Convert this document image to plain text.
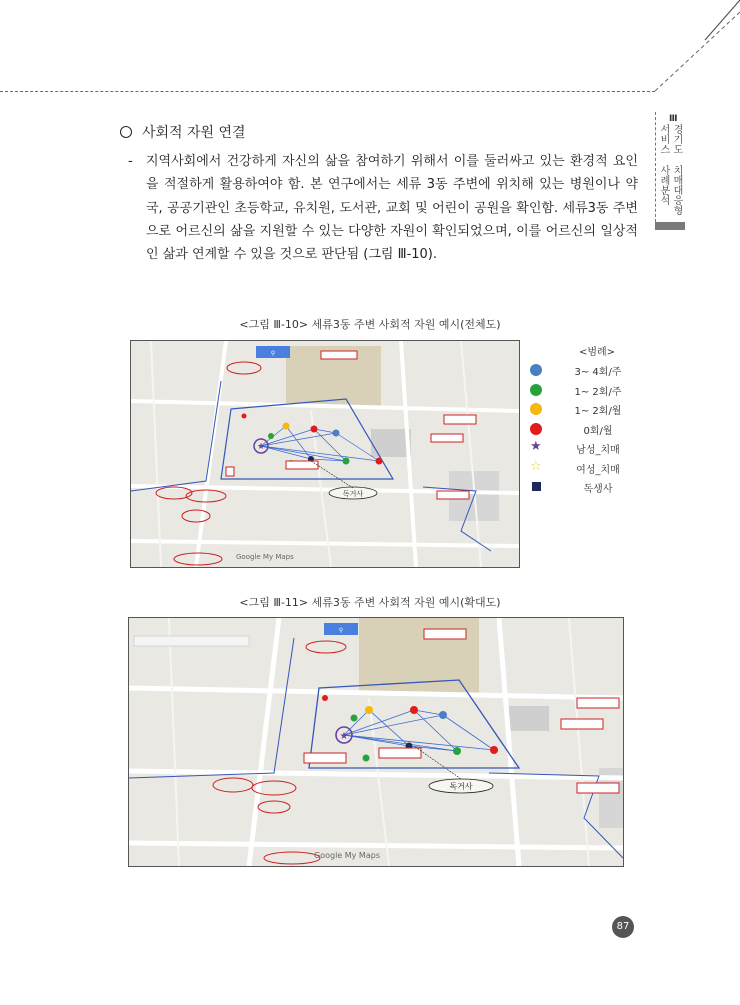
Ⅲ
경기도 치매대응형
서비스 사례분석
사회적 자원 연결
- 지역사회에서 건강하게 자신의 삶을 참여하기 위해서 이를 둘러싸고 있는 환경적 요인을 적절하게 활용하여야 함. 본 연구에서는 세류 3동 주변에 위치해 있는 병원이나 약국, 공공기관인 초등학교, 유치원, 도서관, 교회 및 어린이 공원을 확인함. 세류3동 주변으로 어르신의 삶을 지원할 수 있는 다양한 자원이 확인되었으며, 이를 어르신의 일상적인 삶과 연계할 수 있을 것으로 판단됨 (그림 Ⅲ-10).
<그림 Ⅲ-10> 세류3동 주변 사회적 자원 예시(전체도)
⚲
★
독거사
Google My Maps
<범례>
3~ 4회/주
1~ 2회/주
1~ 2회/월
0회/월
★	남성_치매
☆	여성_치매
독생사
<그림 Ⅲ-11> 세류3동 주변 사회적 자원 예시(확대도)
⚲
★
독거사
Google My Maps
87
